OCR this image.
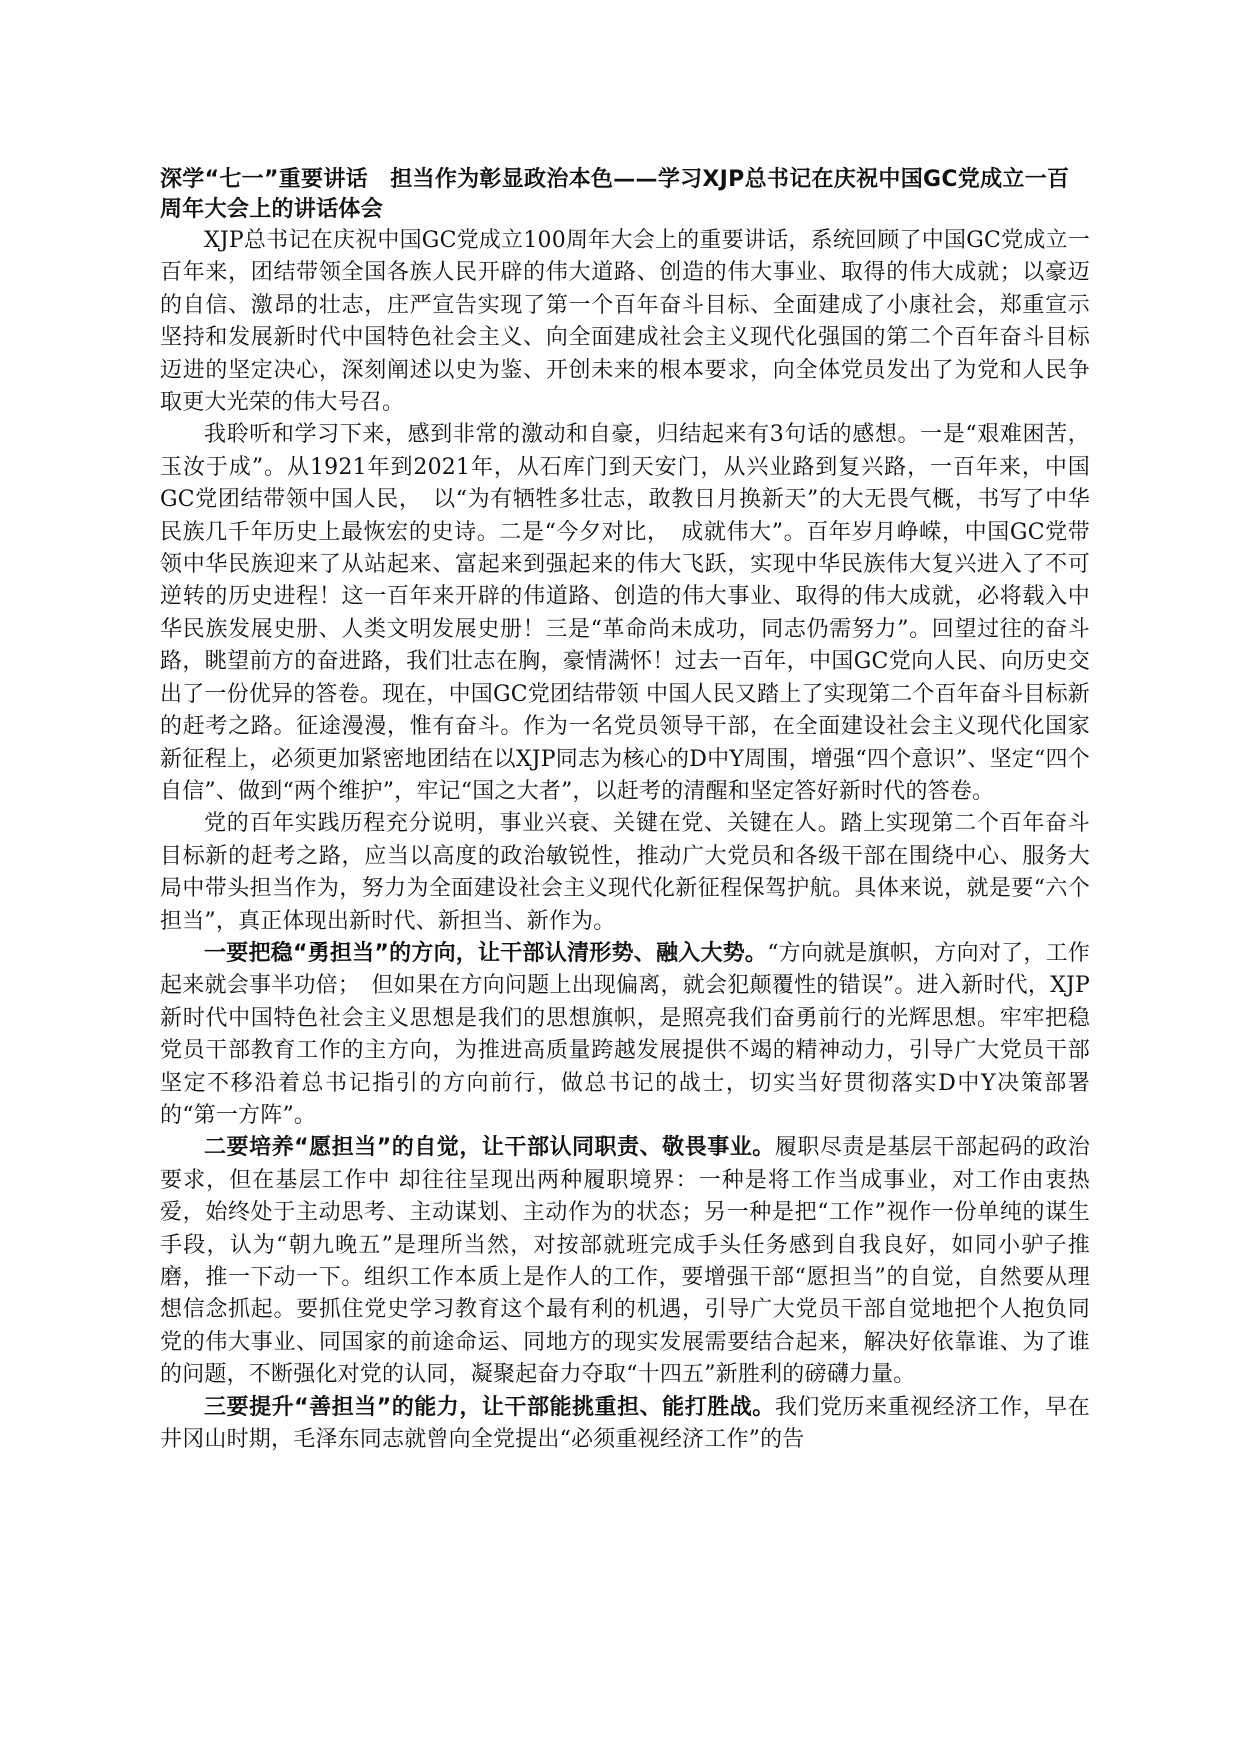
深学“七一”重要讲话　担当作为彰显政治本色——学习XJP总书记在庆祝中国GC党成立一百周年大会上的讲话体会

XJP总书记在庆祝中国GC党成立100周年大会上的重要讲话，系统回顾了中国GC党成立一百年来，团结带领全国各族人民开辟的伟大道路、创造的伟大事业、取得的伟大成就；以豪迈的自信、激昂的壮志，庄严宣告实现了第一个百年奋斗目标、全面建成了小康社会，郑重宣示坚持和发展新时代中国特色社会主义、向全面建成社会主义现代化强国的第二个百年奋斗目标迈进的坚定决心，深刻阐述以史为鉴、开创未来的根本要求，向全体党员发出了为党和人民争取更大光荣的伟大号召。

我聆听和学习下来，感到非常的激动和自豪，归结起来有3句话的感想。一是“艰难困苦，玉汝于成”。从1921年到2021年，从石库门到天安门，从兴业路到复兴路，一百年来，中国GC党团结带领中国人民，　以“为有牺牲多壮志，敢教日月换新天”的大无畏气概，书写了中华民族几千年历史上最恢宏的史诗。二是“今夕对比，　成就伟大”。百年岁月峥嵘，中国GC党带领中华民族迎来了从站起来、富起来到强起来的伟大飞跃，实现中华民族伟大复兴进入了不可逆转的历史进程！这一百年来开辟的伟道路、创造的伟大事业、取得的伟大成就，必将载入中华民族发展史册、人类文明发展史册！三是“革命尚未成功，同志仍需努力”。回望过往的奋斗路，眺望前方的奋进路，我们壮志在胸，豪情满怀！过去一百年，中国GC党向人民、向历史交出了一份优异的答卷。现在，中国GC党团结带领 中国人民又踏上了实现第二个百年奋斗目标新的赶考之路。征途漫漫，惟有奋斗。作为一名党员领导干部，在全面建设社会主义现代化国家新征程上，必须更加紧密地团结在以XJP同志为核心的D中Y周围，增强“四个意识”、坚定“四个自信”、做到“两个维护”，牢记“国之大者”，以赶考的清醒和坚定答好新时代的答卷。

党的百年实践历程充分说明，事业兴衰、关键在党、关键在人。踏上实现第二个百年奋斗目标新的赶考之路，应当以高度的政治敏锐性，推动广大党员和各级干部在围绕中心、服务大局中带头担当作为，努力为全面建设社会主义现代化新征程保驾护航。具体来说，就是要“六个担当”，真正体现出新时代、新担当、新作为。

一要把稳“勇担当”的方向，让干部认清形势、融入大势。“方向就是旗帜，方向对了，工作起来就会事半功倍；　但如果在方向问题上出现偏离，就会犯颠覆性的错误”。进入新时代，XJP新时代中国特色社会主义思想是我们的思想旗帜，是照亮我们奋勇前行的光辉思想。牢牢把稳党员干部教育工作的主方向，为推进高质量跨越发展提供不竭的精神动力，引导广大党员干部坚定不移沿着总书记指引的方向前行，做总书记的战士，切实当好贯彻落实D中Y决策部署的“第一方阵”。

二要培养“愿担当”的自觉，让干部认同职责、敬畏事业。履职尽责是基层干部起码的政治要求，但在基层工作中 却往往呈现出两种履职境界：一种是将工作当成事业，对工作由衷热爱，始终处于主动思考、主动谋划、主动作为的状态；另一种是把“工作”视作一份单纯的谋生手段，认为“朝九晚五”是理所当然，对按部就班完成手头任务感到自我良好，如同小驴子推磨，推一下动一下。组织工作本质上是作人的工作，要增强干部“愿担当”的自觉，自然要从理想信念抓起。要抓住党史学习教育这个最有利的机遇，引导广大党员干部自觉地把个人抱负同党的伟大事业、同国家的前途命运、同地方的现实发展需要结合起来，解决好依靠谁、为了谁的问题，不断强化对党的认同，凝聚起奋力夺取“十四五”新胜利的磅礴力量。

三要提升“善担当”的能力，让干部能挑重担、能打胜战。我们党历来重视经济工作，早在井冈山时期，毛泽东同志就曾向全党提出“必须重视经济工作”的告
